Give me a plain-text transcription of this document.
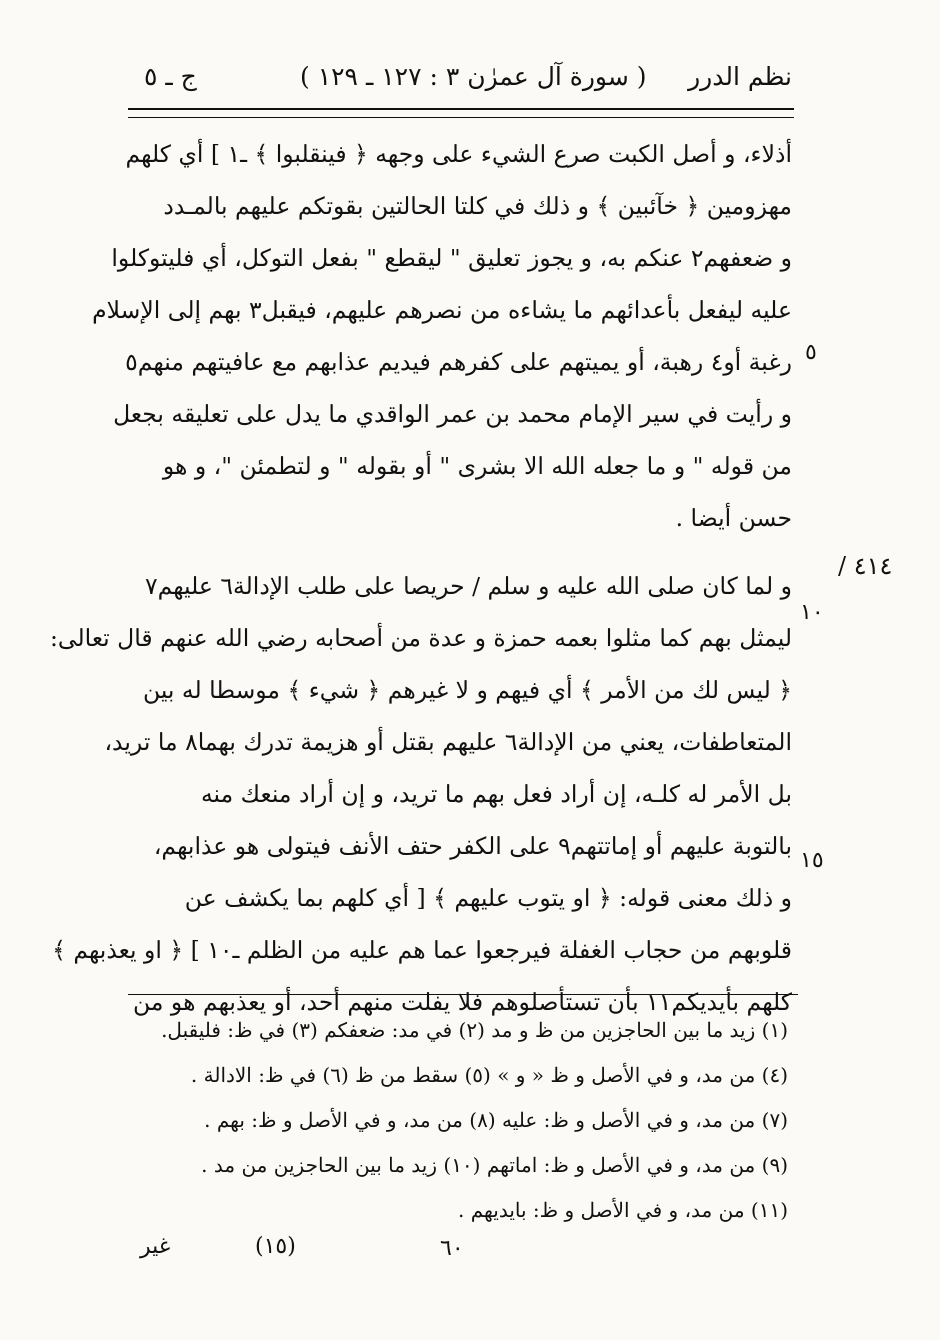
نظم الدرر
( سورة آل عمرٰن ٣ : ١٢٧ ـ ١٢٩ )
ج ـ ٥
أذلاء، و أصل الكبت صرع الشيء على وجهه ﴿ فينقلبوا ﴾ ـ١ ] أي كلهم
مهزومين ﴿ خآئبين ﴾ و ذلك في كلتا الحالتين بقوتكم عليهم بالمـدد
و ضعفهم٢ عنكم به، و يجوز تعليق " ليقطع " بفعل التوكل، أي فليتوكلوا
عليه ليفعل بأعدائهم ما يشاءه من نصرهم عليهم، فيقبل٣ بهم إلى الإسلام
رغبة أو٤ رهبة، أو يميتهم على كفرهم فيديم عذابهم مع عافيتهم منهم٥
و رأيت في سير الإمام محمد بن عمر الواقدي ما يدل على تعليقه بجعل
من قوله " و ما جعله الله الا بشرى " أو بقوله " و لتطمئن "، و هو
حسن أيضا .
و لما كان صلى الله عليه و سلم / حريصا على طلب الإدالة٦ عليهم٧
ليمثل بهم كما مثلوا بعمه حمزة و عدة من أصحابه رضي الله عنهم قال تعالى:
﴿ ليس لك من الأمر ﴾ أي فيهم و لا غيرهم ﴿ شيء ﴾ موسطا له بين
المتعاطفات، يعني من الإدالة٦ عليهم بقتل أو هزيمة تدرك بهما٨ ما تريد،
بل الأمر له كلـه، إن أراد فعل بهم ما تريد، و إن أراد منعك منه
بالتوبة عليهم أو إماتتهم٩ على الكفر حتف الأنف فيتولى هو عذابهم،
و ذلك معنى قوله: ﴿ او يتوب عليهم ﴾ [ أي كلهم بما يكشف عن
قلوبهم من حجاب الغفلة فيرجعوا عما هم عليه من الظلم ـ١٠ ] ﴿ او يعذبهم ﴾
كلهم بأيديكم١١ بأن تستأصلوهم فلا يفلت منهم أحد، أو يعذبهم هو من
٥
١٠
١٥
٤١٤ /
(١) زيد ما بين الحاجزين من ظ و مد (٢) في مد: ضعفكم (٣) في ظ: فليقبل.
(٤) من مد، و في الأصل و ظ « و » (٥) سقط من ظ (٦) في ظ: الادالة .
(٧) من مد، و في الأصل و ظ: عليه (٨) من مد، و في الأصل و ظ: بهم .
(٩) من مد، و في الأصل و ظ: اماتهم (١٠) زيد ما بين الحاجزين من مد .
(١١) من مد، و في الأصل و ظ: بايديهم .
غير	(١٥)	٦٠
